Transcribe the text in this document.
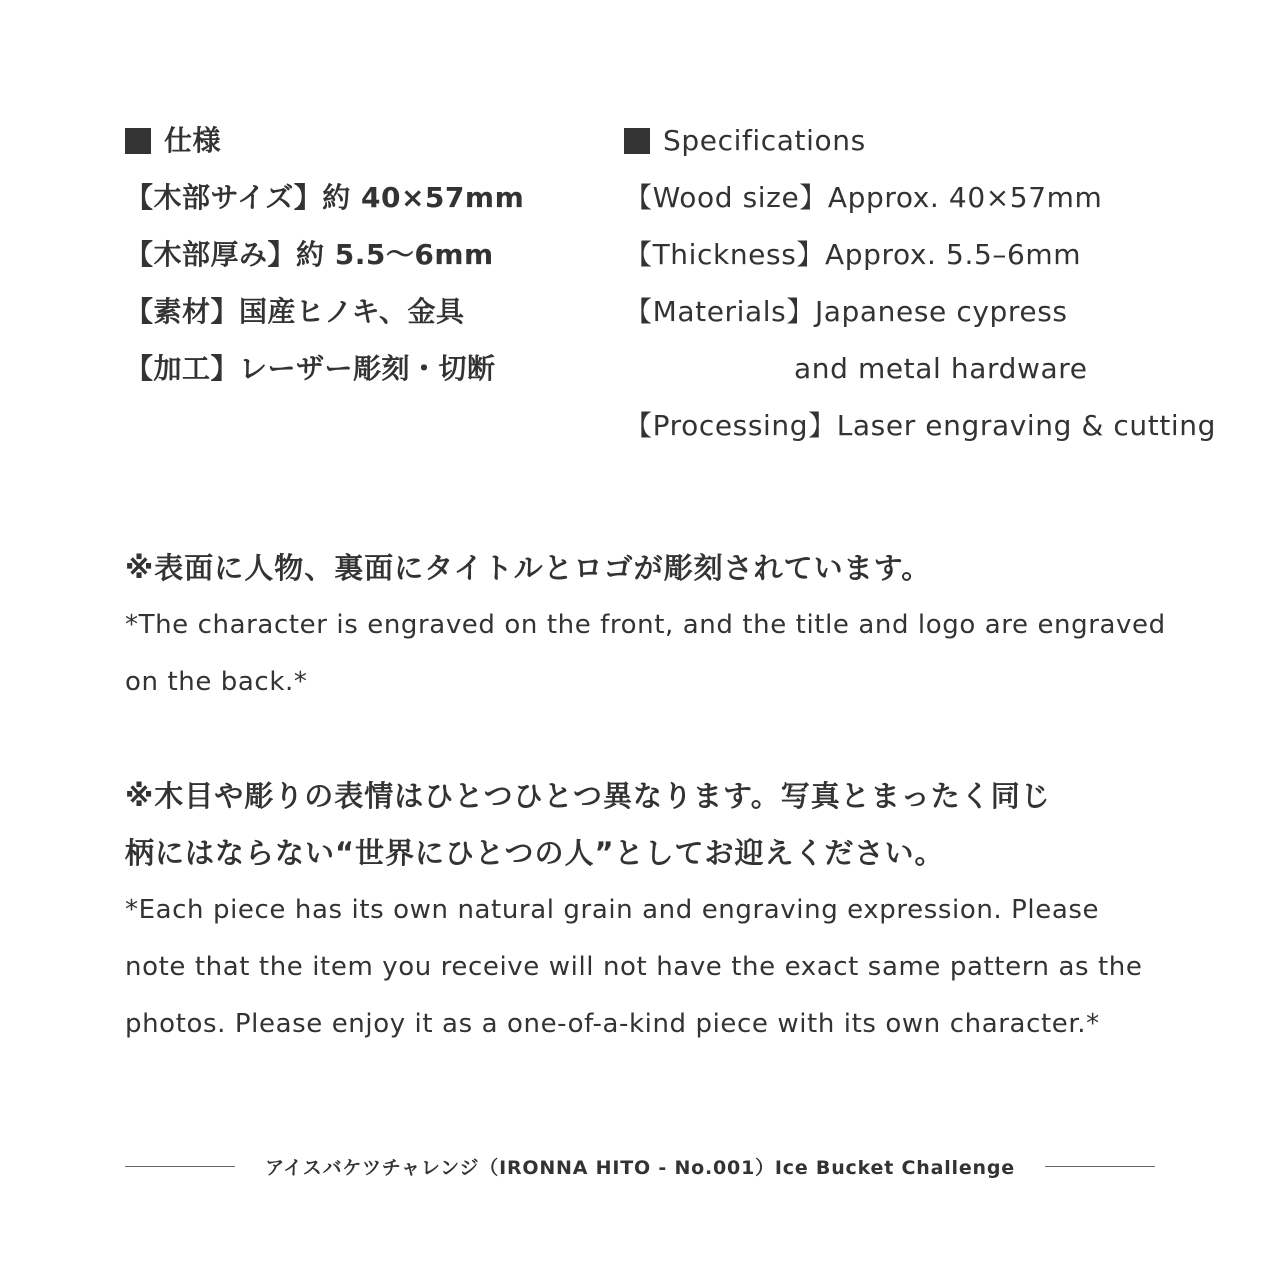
仕様
【木部サイズ】約 40×57mm
【木部厚み】約 5.5〜6mm
【素材】国産ヒノキ、金具
【加工】レーザー彫刻・切断
Specifications
【Wood size】Approx. 40×57mm
【Thickness】Approx. 5.5–6mm
【Materials】Japanese cypress
and metal hardware
【Processing】Laser engraving & cutting
※表面に人物、裏面にタイトルとロゴが彫刻されています。
*The character is engraved on the front, and the title and logo are engraved
on the back.*
※木目や彫りの表情はひとつひとつ異なります。写真とまったく同じ
柄にはならない“世界にひとつの人”としてお迎えください。
*Each piece has its own natural grain and engraving expression. Please
note that the item you receive will not have the exact same pattern as the
photos. Please enjoy it as a one-of-a-kind piece with its own character.*
アイスバケツチャレンジ（IRONNA HITO - No.001）Ice Bucket Challenge
